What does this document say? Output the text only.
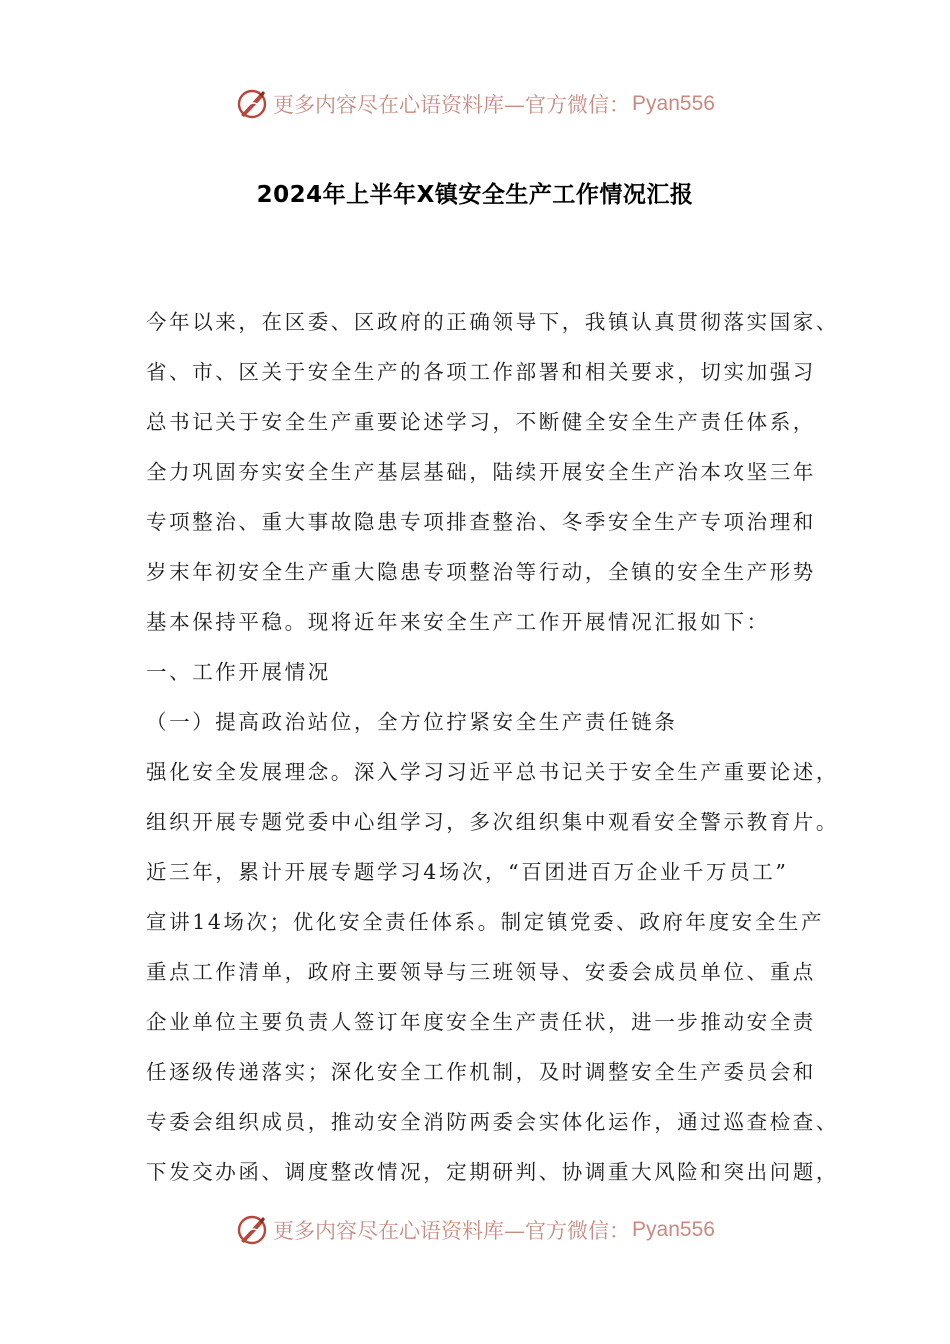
更多内容尽在心语资料库—官方微信： Pyan556
2024年上半年X镇安全生产工作情况汇报
今年以来，在区委、区政府的正确领导下，我镇认真贯彻落实国家、
省、市、区关于安全生产的各项工作部署和相关要求，切实加强习
总书记关于安全生产重要论述学习，不断健全安全生产责任体系，
全力巩固夯实安全生产基层基础，陆续开展安全生产治本攻坚三年
专项整治、重大事故隐患专项排查整治、冬季安全生产专项治理和
岁末年初安全生产重大隐患专项整治等行动，全镇的安全生产形势
基本保持平稳。现将近年来安全生产工作开展情况汇报如下：
一、工作开展情况
（一）提高政治站位，全方位拧紧安全生产责任链条
强化安全发展理念。深入学习习近平总书记关于安全生产重要论述，
组织开展专题党委中心组学习，多次组织集中观看安全警示教育片。
近三年，累计开展专题学习4场次，“百团进百万企业千万员工”
宣讲14场次；优化安全责任体系。制定镇党委、政府年度安全生产
重点工作清单，政府主要领导与三班领导、安委会成员单位、重点
企业单位主要负责人签订年度安全生产责任状，进一步推动安全责
任逐级传递落实；深化安全工作机制，及时调整安全生产委员会和
专委会组织成员，推动安全消防两委会实体化运作，通过巡查检查、
下发交办函、调度整改情况，定期研判、协调重大风险和突出问题，
更多内容尽在心语资料库—官方微信： Pyan556
